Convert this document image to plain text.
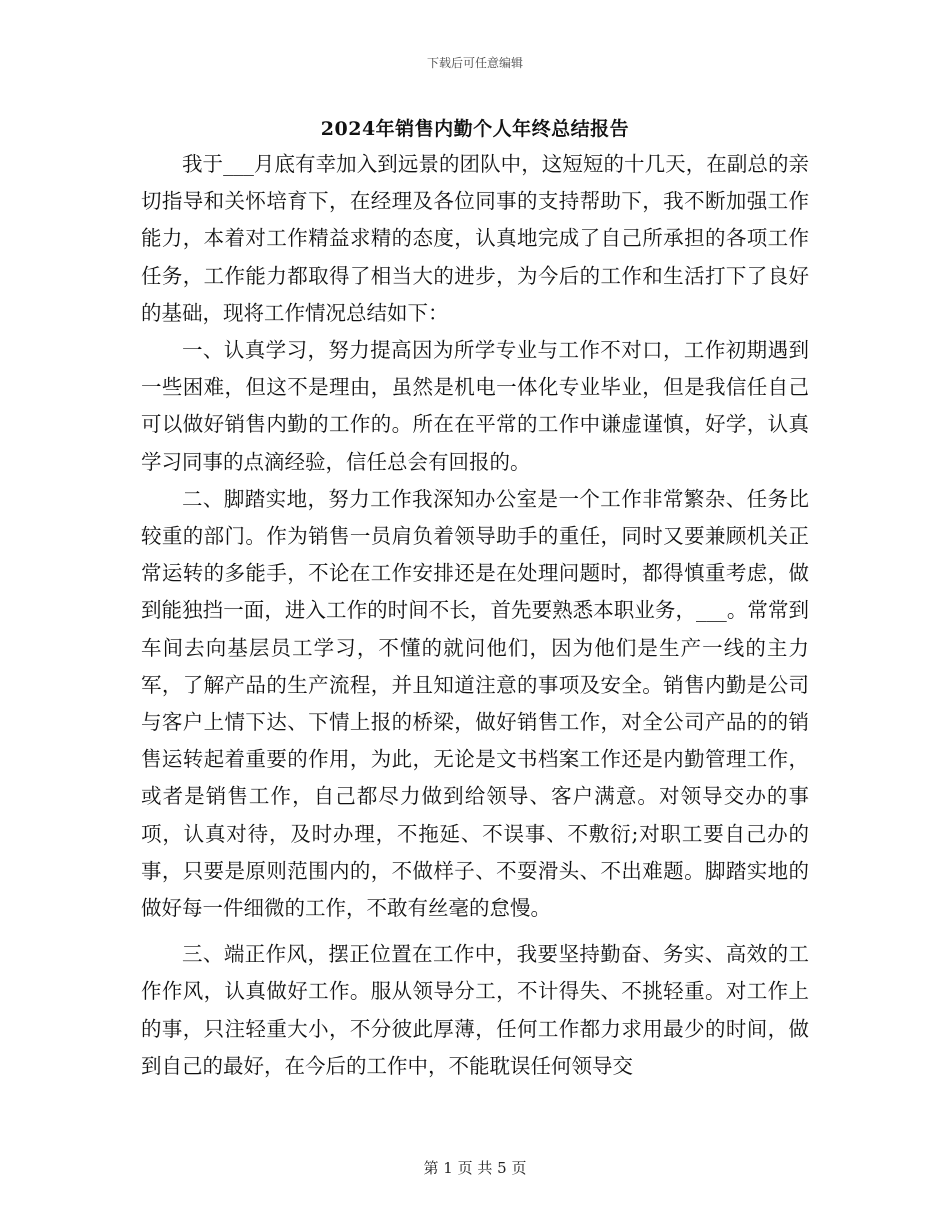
下载后可任意编辑
2024年销售内勤个人年终总结报告

我于___月底有幸加入到远景的团队中，这短短的十几天，在副总的亲切指导和关怀培育下，在经理及各位同事的支持帮助下，我不断加强工作能力，本着对工作精益求精的态度，认真地完成了自己所承担的各项工作任务，工作能力都取得了相当大的进步，为今后的工作和生活打下了良好的基础，现将工作情况总结如下：

一、认真学习，努力提高因为所学专业与工作不对口，工作初期遇到一些困难，但这不是理由，虽然是机电一体化专业毕业，但是我信任自己可以做好销售内勤的工作的。所在在平常的工作中谦虚谨慎，好学，认真学习同事的点滴经验，信任总会有回报的。

二、脚踏实地，努力工作我深知办公室是一个工作非常繁杂、任务比较重的部门。作为销售一员肩负着领导助手的重任，同时又要兼顾机关正常运转的多能手，不论在工作安排还是在处理问题时，都得慎重考虑，做到能独挡一面，进入工作的时间不长，首先要熟悉本职业务，___。常常到车间去向基层员工学习，不懂的就问他们，因为他们是生产一线的主力军，了解产品的生产流程，并且知道注意的事项及安全。销售内勤是公司与客户上情下达、下情上报的桥梁，做好销售工作，对全公司产品的的销售运转起着重要的作用，为此，无论是文书档案工作还是内勤管理工作，或者是销售工作，自己都尽力做到给领导、客户满意。对领导交办的事项，认真对待，及时办理，不拖延、不误事、不敷衍;对职工要自己办的事，只要是原则范围内的，不做样子、不耍滑头、不出难题。脚踏实地的做好每一件细微的工作，不敢有丝毫的怠慢。

三、端正作风，摆正位置在工作中，我要坚持勤奋、务实、高效的工作作风，认真做好工作。服从领导分工，不计得失、不挑轻重。对工作上的事，只注轻重大小，不分彼此厚薄，任何工作都力求用最少的时间，做到自己的最好，在今后的工作中，不能耽误任何领导交

第 1 页 共 5 页
